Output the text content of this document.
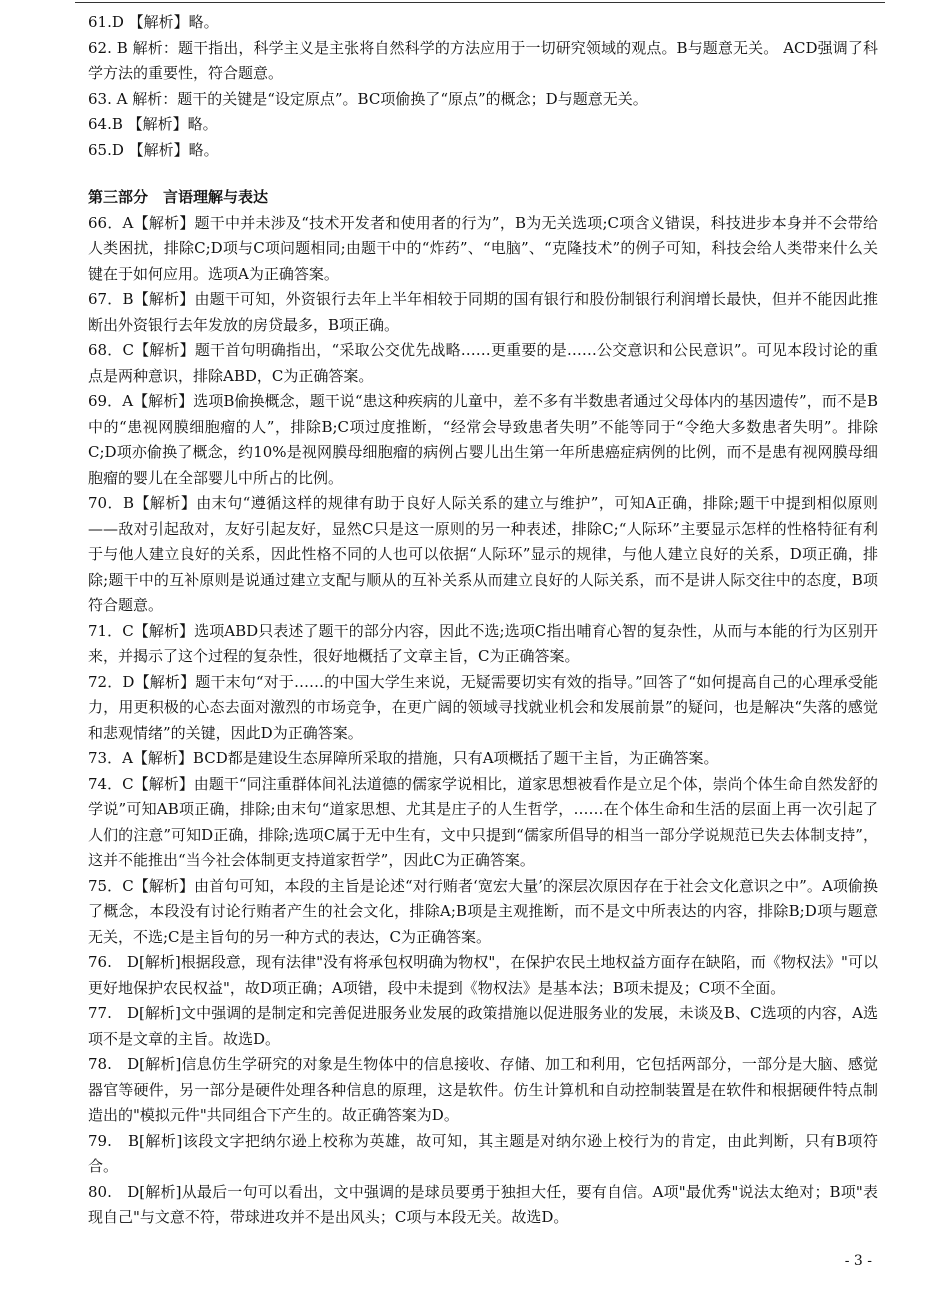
61.D 【解析】略。

62. B 解析：题干指出，科学主义是主张将自然科学的方法应用于一切研究领域的观点。B与题意无关。 ACD强调了科学方法的重要性，符合题意。

63. A 解析：题干的关键是“设定原点”。BC项偷换了“原点”的概念；D与题意无关。

64.B 【解析】略。

65.D 【解析】略。

第三部分　言语理解与表达

66．A【解析】题干中并未涉及“技术开发者和使用者的行为”，B为无关选项;C项含义错误，科技进步本身并不会带给人类困扰，排除C;D项与C项问题相同;由题干中的“炸药”、“电脑”、“克隆技术”的例子可知，科技会给人类带来什么关键在于如何应用。选项A为正确答案。

67．B【解析】由题干可知，外资银行去年上半年相较于同期的国有银行和股份制银行利润增长最快，但并不能因此推断出外资银行去年发放的房贷最多，B项正确。

68．C【解析】题干首句明确指出，“采取公交优先战略……更重要的是……公交意识和公民意识”。可见本段讨论的重点是两种意识，排除ABD，C为正确答案。

69．A【解析】选项B偷换概念，题干说“患这种疾病的儿童中，差不多有半数患者通过父母体内的基因遗传”，而不是B中的“患视网膜细胞瘤的人”，排除B;C项过度推断，“经常会导致患者失明”不能等同于“令绝大多数患者失明”。排除C;D项亦偷换了概念，约10%是视网膜母细胞瘤的病例占婴儿出生第一年所患癌症病例的比例，而不是患有视网膜母细胞瘤的婴儿在全部婴儿中所占的比例。

70．B【解析】由末句“遵循这样的规律有助于良好人际关系的建立与维护”，可知A正确，排除;题干中提到相似原则——敌对引起敌对，友好引起友好，显然C只是这一原则的另一种表述，排除C;“人际环”主要显示怎样的性格特征有利于与他人建立良好的关系，因此性格不同的人也可以依据“人际环”显示的规律，与他人建立良好的关系，D项正确，排除;题干中的互补原则是说通过建立支配与顺从的互补关系从而建立良好的人际关系，而不是讲人际交往中的态度，B项符合题意。

71．C【解析】选项ABD只表述了题干的部分内容，因此不选;选项C指出哺育心智的复杂性，从而与本能的行为区别开来，并揭示了这个过程的复杂性，很好地概括了文章主旨，C为正确答案。

72．D【解析】题干末句“对于……的中国大学生来说，无疑需要切实有效的指导。”回答了“如何提高自己的心理承受能力，用更积极的心态去面对激烈的市场竞争，在更广阔的领域寻找就业机会和发展前景”的疑问，也是解决“失落的感觉和悲观情绪”的关键，因此D为正确答案。

73．A【解析】BCD都是建设生态屏障所采取的措施，只有A项概括了题干主旨，为正确答案。

74．C【解析】由题干“同注重群体间礼法道德的儒家学说相比，道家思想被看作是立足个体，崇尚个体生命自然发舒的学说”可知AB项正确，排除;由末句“道家思想、尤其是庄子的人生哲学，……在个体生命和生活的层面上再一次引起了人们的注意”可知D正确，排除;选项C属于无中生有，文中只提到“儒家所倡导的相当一部分学说规范已失去体制支持”，这并不能推出“当今社会体制更支持道家哲学”，因此C为正确答案。

75．C【解析】由首句可知，本段的主旨是论述“对行贿者‘宽宏大量’的深层次原因存在于社会文化意识之中”。A项偷换了概念，本段没有讨论行贿者产生的社会文化，排除A;B项是主观推断，而不是文中所表达的内容，排除B;D项与题意无关，不选;C是主旨句的另一种方式的表达，C为正确答案。

76.　D[解析]根据段意，现有法律"没有将承包权明确为物权"，在保护农民土地权益方面存在缺陷，而《物权法》"可以更好地保护农民权益"，故D项正确；A项错，段中未提到《物权法》是基本法；B项未提及；C项不全面。

77.　D[解析]文中强调的是制定和完善促进服务业发展的政策措施以促进服务业的发展，未谈及B、C选项的内容，A选项不是文章的主旨。故选D。

78.　D[解析]信息仿生学研究的对象是生物体中的信息接收、存储、加工和利用，它包括两部分，一部分是大脑、感觉器官等硬件，另一部分是硬件处理各种信息的原理，这是软件。仿生计算机和自动控制装置是在软件和根据硬件特点制造出的"模拟元件"共同组合下产生的。故正确答案为D。

79.　B[解析]该段文字把纳尔逊上校称为英雄，故可知，其主题是对纳尔逊上校行为的肯定，由此判断，只有B项符合。

80.　D[解析]从最后一句可以看出，文中强调的是球员要勇于独担大任，要有自信。A项"最优秀"说法太绝对；B项"表现自己"与文意不符，带球进攻并不是出风头；C项与本段无关。故选D。

- 3 -
